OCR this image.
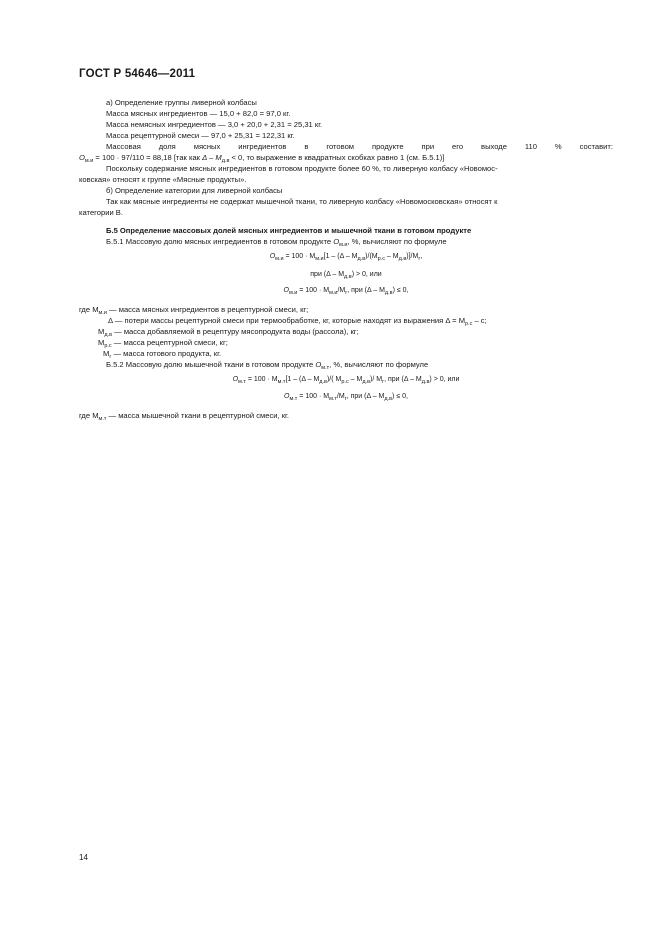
ГОСТ Р 54646—2011
а) Определение группы ливерной колбасы
Масса мясных ингредиентов — 15,0 + 82,0 = 97,0 кг.
Масса немясных ингредиентов — 3,0 + 20,0 + 2,31 = 25,31 кг.
Масса рецептурной смеси — 97,0 + 25,31 = 122,31 кг.
Массовая доля мясных ингредиентов в готовом продукте при его выходе 110 % составит:
$О_{м.и} = 100 \cdot 97/110 = 88,18$ [так как $\Delta - М_{д.в} < 0$, то выражение в квадратных скобках равно 1 (см. Б.5.1)]
Поскольку содержание мясных ингредиентов в готовом продукте более 60 %, то ливерную колбасу «Новомос-
ковская» относят к группе «Мясные продукты».
б) Определение категории для ливерной колбасы
Так как мясные ингредиенты не содержат мышечной ткани, то ливерную колбасу «Новомосковская» относят к
категории В.
Б.5 Определение массовых долей мясных ингредиентов и мышечной ткани в готовом продукте
Б.5.1 Массовую долю мясных ингредиентов в готовом продукте $О_{м.и}$, %, вычисляют по формуле
$О_{м.и} = 100 \cdot М_{м.и}[1 - (\Delta - М_{д.в})/(М_{р.с} - М_{д.в})]/М_г$,
при $(\Delta - М_{д.в}) > 0$, или
$О_{м.и} = 100 \cdot М_{м.и}/М_г$, при $(\Delta - М_{д.в}) \le 0$,
где $М_{м.и}$ — масса мясных ингредиентов в рецептурной смеси, кг;
Δ — потери массы рецептурной смеси при термообработке, кг, которые находят из выражения $\Delta = М_{р.с} - с$;
$М_{д.в}$ — масса добавляемой в рецептуру мясопродукта воды (рассола), кг;
$М_{р.с}$ — масса рецептурной смеси, кг;
$М_г$ — масса готового продукта, кг.
Б.5.2 Массовую долю мышечной ткани в готовом продукте $О_{м.т}$, %, вычисляют по формуле
$О_{м.т} = 100 \cdot М_{м.т}[1 - (\Delta - М_{д.в})/$( $М_{р.с} - М_{д.в})/$ $М_г$, при $(\Delta - М_{д.в}) > 0$, или
$О_{м.т} = 100 \cdot М_{м.т}/М_г$, при $(\Delta - М_{д.в}) \le 0$,
где $М_{м.т}$ — масса мышечной ткани в рецептурной смеси, кг.
14
